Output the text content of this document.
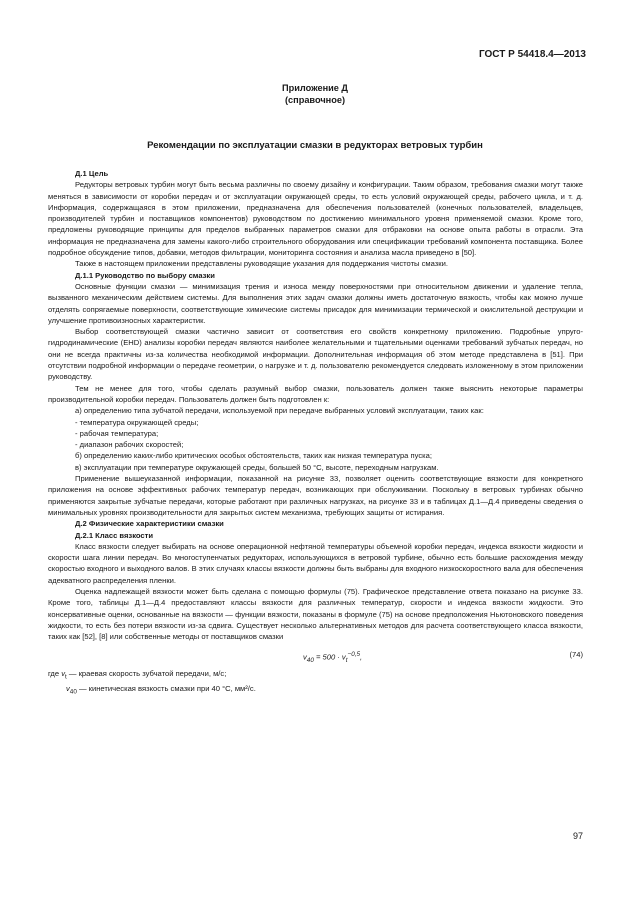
ГОСТ Р 54418.4—2013
Приложение Д
(справочное)
Рекомендации по эксплуатации смазки в редукторах ветровых турбин

Д.1 Цель

Редукторы ветровых турбин могут быть весьма различны по своему дизайну и конфигурации. Таким образом, требования смазки могут также меняться в зависимости от коробки передач и от эксплуатации окружающей среды, то есть условий окружающей среды, рабочего цикла, и т. д. Информация, содержащаяся в этом приложении, предназначена для обеспечения пользователей (конечных пользователей, владельцев, производителей турбин и поставщиков компонентов) руководством по достижению минимального уровня применяемой смазки. Кроме того, предложены руководящие принципы для пределов выбранных параметров смазки для отбраковки на основе опыта работы в отрасли. Эта информация не предназначена для замены какого-либо строительного оборудования или спецификации требований компонента поставщика. Более подробное обсуждение типов, добавки, методов фильтрации, мониторинга состояния и анализа масла приведено в [50].

Также в настоящем приложении представлены руководящие указания для поддержания чистоты смазки.

Д.1.1 Руководство по выбору смазки

Основные функции смазки — минимизация трения и износа между поверхностями при относительном движении и удаление тепла, вызванного механическим действием системы. Для выполнения этих задач смазки должны иметь достаточную вязкость, чтобы как можно лучше отделять сопрягаемые поверхности, соответствующие химические системы присадок для минимизации термической и окислительной деструкции и улучшение противоизносных характеристик.

Выбор соответствующей смазки частично зависит от соответствия его свойств конкретному приложению. Подробные упруго-гидродинамические (EHD) анализы коробки передач являются наиболее желательными и тщательными оценками требований зубчатых передач, но они не всегда практичны из-за количества необходимой информации. Дополнительная информация об этом методе представлена в [51]. При отсутствии подробной информации о передаче геометрии, о нагрузке и т. д. пользователю рекомендуется следовать изложенному в этом приложении руководству.

Тем не менее для того, чтобы сделать разумный выбор смазки, пользователь должен также выяснить некоторые параметры производительной коробки передач. Пользователь должен быть подготовлен к:

а) определению типа зубчатой передачи, используемой при передаче выбранных условий эксплуатации, таких как:

- температура окружающей среды;

- рабочая температура;

- диапазон рабочих скоростей;

б) определению каких-либо критических особых обстоятельств, таких как низкая температура пуска;

в) эксплуатации при температуре окружающей среды, большей 50 °С, высоте, переходным нагрузкам.

Применение вышеуказанной информации, показанной на рисунке 33, позволяет оценить соответствующие вязкости для конкретного приложения на основе эффективных рабочих температур передач, возникающих при обслуживании. Поскольку в ветровых турбинах обычно применяются закрытые зубчатые передачи, которые работают при различных нагрузках, на рисунке 33 и в таблицах Д.1—Д.4 приведены сведения о минимальных уровнях производительности для закрытых систем механизма, требующих защиты от истирания.

Д.2 Физические характеристики смазки

Д.2.1 Класс вязкости

Класс вязкости следует выбирать на основе операционной нефтяной температуры объемной коробки передач, индекса вязкости жидкости и скорости шага линии передач. Во многоступенчатых редукторах, использующихся в ветровой турбине, обычно есть большие расхождения между скоростью входного и выходного валов. В этих случаях классы вязкости должны быть выбраны для входного низкоскоростного вала для обеспечения адекватного распределения пленки.

Оценка надлежащей вязкости может быть сделана с помощью формулы (75). Графическое представление ответа показано на рисунке 33. Кроме того, таблицы Д.1—Д.4 предоставляют классы вязкости для различных температур, скорости и индекса вязкости жидкости. Это консервативные оценки, основанные на вязкости — функции вязкости, показаны в формуле (75) на основе предположения Ньютоновского поведения жидкости, то есть без потери вязкости из-за сдвига. Существует несколько альтернативных методов для расчета соответствующего класса вязкости, таких как [52], [8] или собственные методы от поставщиков смазки

$v_{40} = 500 \cdot v_t^{-0,5}$,	(74)

где $v_t$ — краевая скорость зубчатой передачи, м/с;

$v_{40}$ — кинетическая вязкость смазки при 40 °С, мм²/с.

97
